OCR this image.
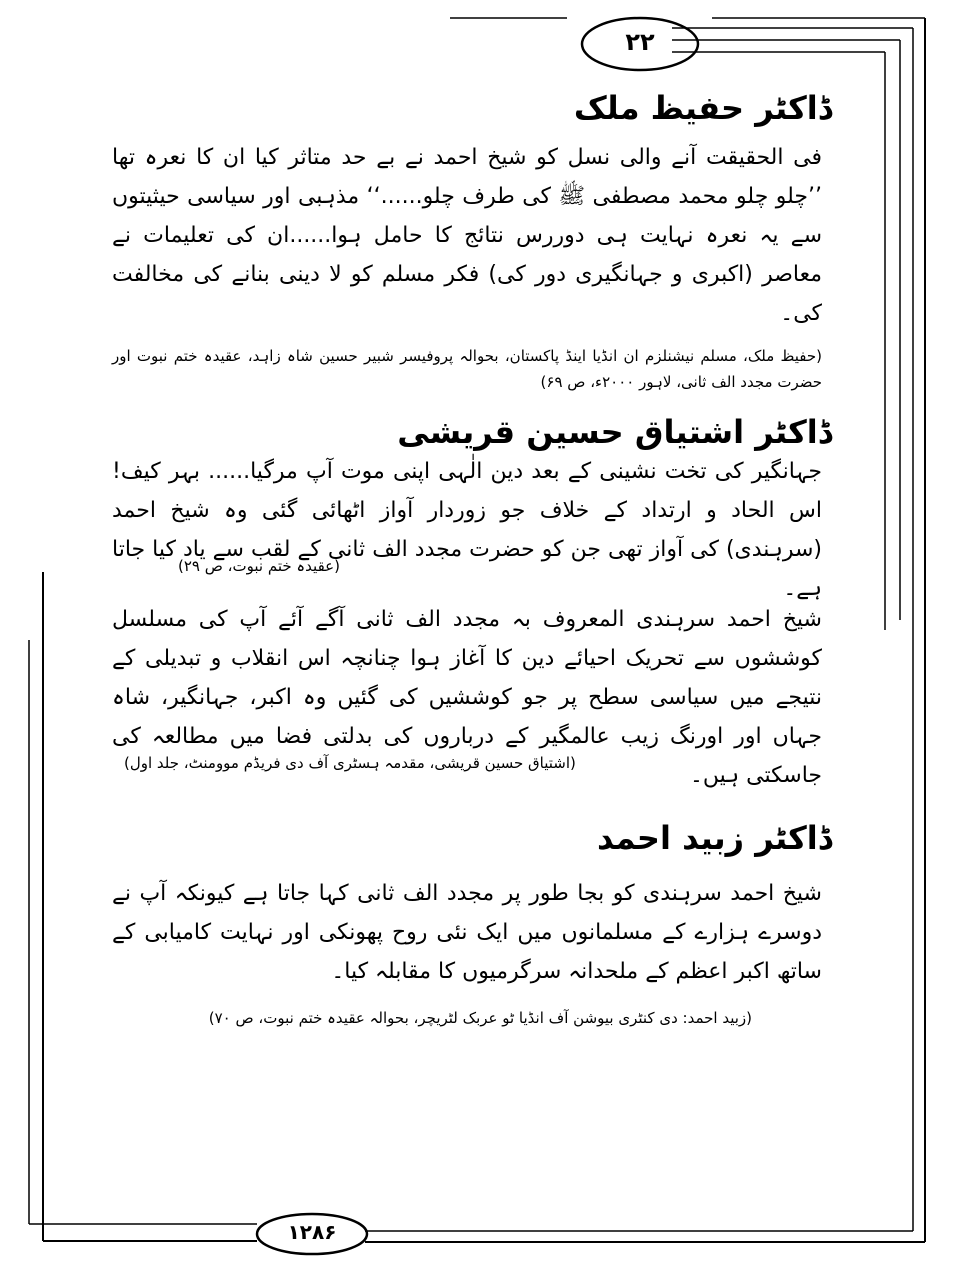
۲۲
ڈاکٹر حفیظ ملک
فی الحقیقت آنے والی نسل کو شیخ احمد نے بے حد متاثر کیا ان کا نعرہ تھا ’’چلو چلو محمد مصطفی ﷺ کی طرف چلو......‘‘ مذہبی اور سیاسی حیثیتوں سے یہ نعرہ نہایت ہی دوررس نتائج کا حامل ہوا......ان کی تعلیمات نے معاصر (اکبری و جہانگیری دور کی) فکر مسلم کو لا دینی بنانے کی مخالفت کی۔
(حفیظ ملک، مسلم نیشنلزم ان انڈیا اینڈ پاکستان، بحوالہ پروفیسر شبیر حسین شاہ زاہد، عقیدہ ختم نبوت اور حضرت مجدد الف ثانی، لاہور ۲۰۰۰ء، ص ۶۹)
ڈاکٹر اشتیاق حسین قریشی
جہانگیر کی تخت نشینی کے بعد دین الٰہی اپنی موت آپ مرگیا...... بہر کیف! اس الحاد و ارتداد کے خلاف جو زوردار آواز اٹھائی گئی وہ شیخ احمد (سرہندی) کی آواز تھی جن کو حضرت مجدد الف ثانی کے لقب سے یاد کیا جاتا ہے۔
(عقیدہ ختم نبوت، ص ۲۹)
شیخ احمد سرہندی المعروف بہ مجدد الف ثانی آگے آئے آپ کی مسلسل کوششوں سے تحریک احیائے دین کا آغاز ہوا چنانچہ اس انقلاب و تبدیلی کے نتیجے میں سیاسی سطح پر جو کوششیں کی گئیں وہ اکبر، جہانگیر، شاہ جہاں اور اورنگ زیب عالمگیر کے درباروں کی بدلتی فضا میں مطالعہ کی جاسکتی ہیں۔
(اشتیاق حسین قریشی، مقدمہ ہسٹری آف دی فریڈم موومنٹ، جلد اول)
ڈاکٹر زبید احمد
شیخ احمد سرہندی کو بجا طور پر مجدد الف ثانی کہا جاتا ہے کیونکہ آپ نے دوسرے ہزارے کے مسلمانوں میں ایک نئی روح پھونکی اور نہایت کامیابی کے ساتھ اکبر اعظم کے ملحدانہ سرگرمیوں کا مقابلہ کیا۔
(زبید احمد: دی کنٹری بیوشن آف انڈیا ٹو عربک لٹریچر، بحوالہ عقیدہ ختم نبوت، ص ۷۰)
۱۲۸۶
